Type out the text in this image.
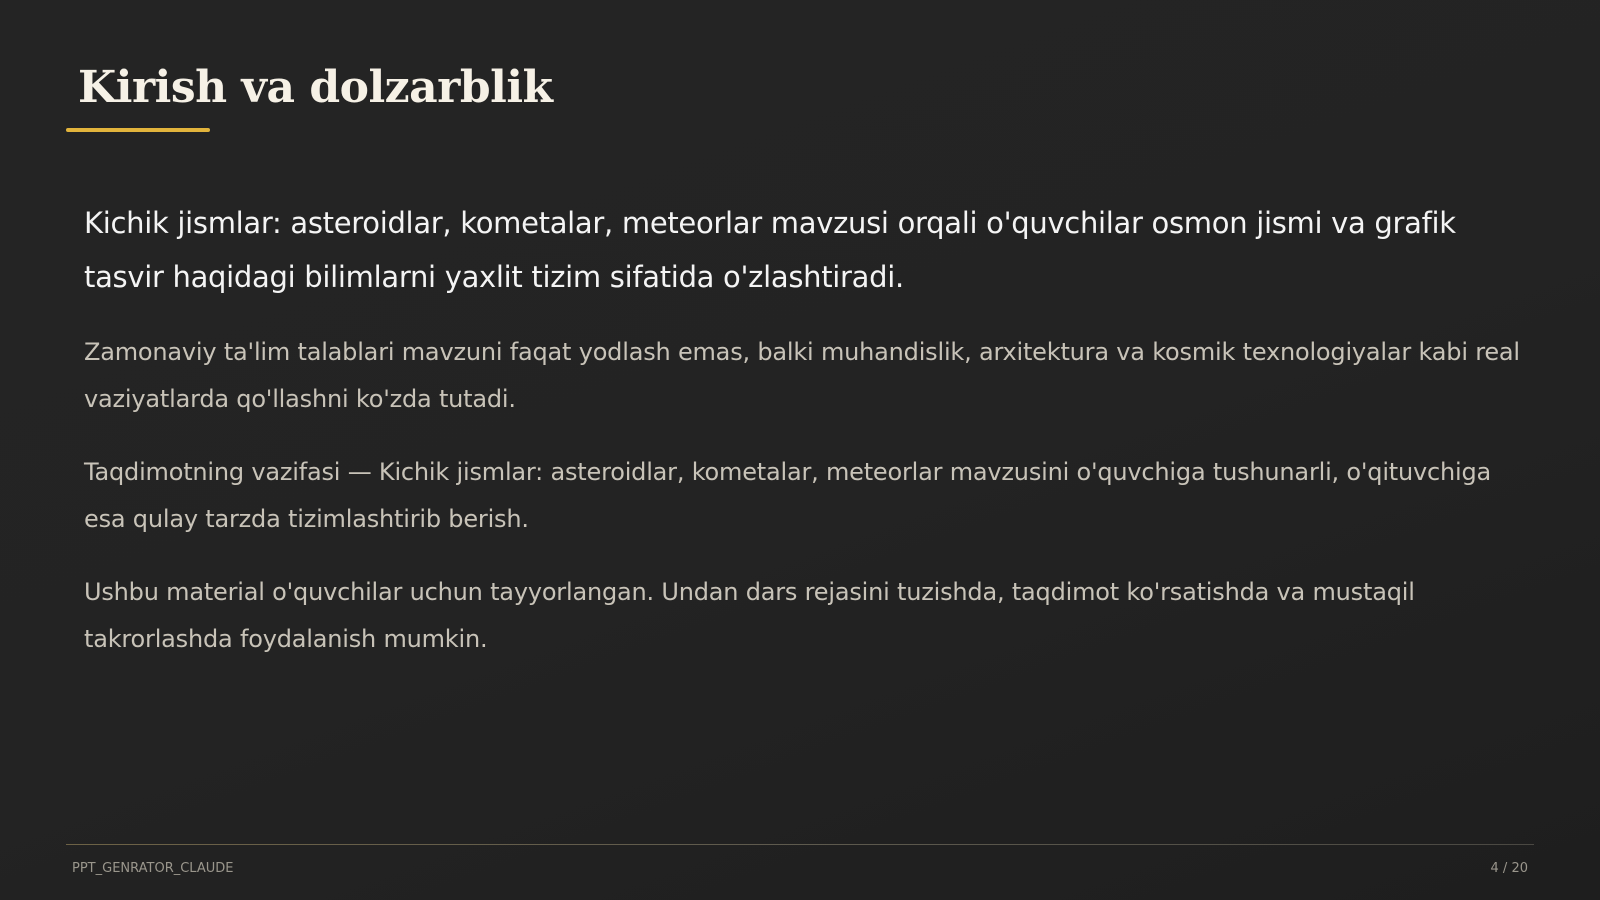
Kirish va dolzarblik

Kichik jismlar: asteroidlar, kometalar, meteorlar mavzusi orqali o'quvchilar osmon jismi va grafik tasvir haqidagi bilimlarni yaxlit tizim sifatida o'zlashtiradi.

Zamonaviy ta'lim talablari mavzuni faqat yodlash emas, balki muhandislik, arxitektura va kosmik texnologiyalar kabi real vaziyatlarda qo'llashni ko'zda tutadi.

Taqdimotning vazifasi — Kichik jismlar: asteroidlar, kometalar, meteorlar mavzusini o'quvchiga tushunarli, o'qituvchiga esa qulay tarzda tizimlashtirib berish.

Ushbu material o'quvchilar uchun tayyorlangan. Undan dars rejasini tuzishda, taqdimot ko'rsatishda va mustaqil takrorlashda foydalanish mumkin.

PPT_GENRATOR_CLAUDE	4 / 20
